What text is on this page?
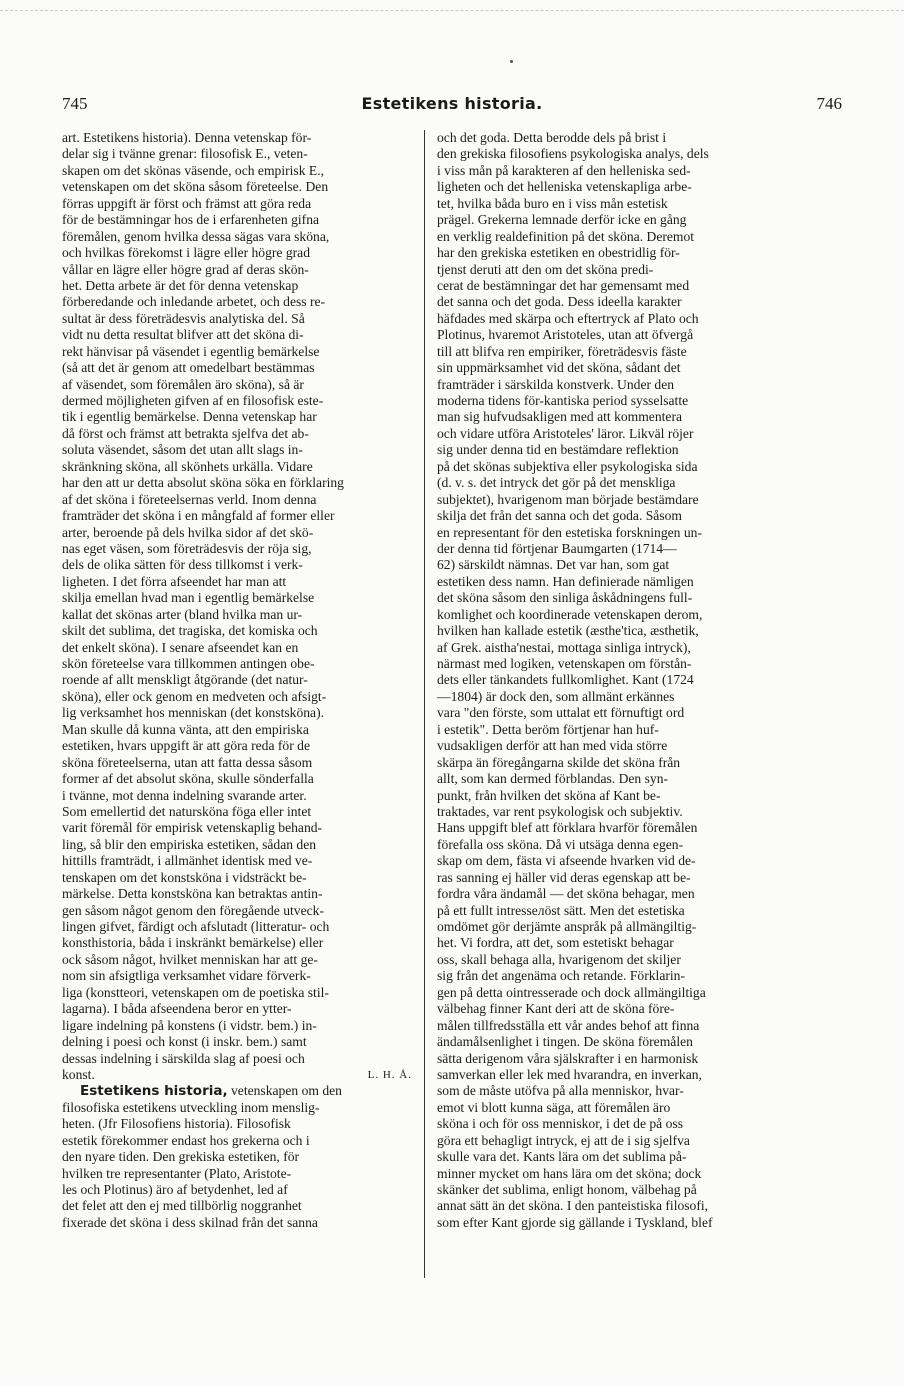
745	Estetikens historia.	746
art. Estetikens historia). Denna vetenskap för-
delar sig i tvänne grenar: filosofisk E., veten-
skapen om det skönas väsende, och empirisk E.,
vetenskapen om det sköna såsom företeelse. Den
förras uppgift är först och främst att göra reda
för de bestämningar hos de i erfarenheten gifna
föremålen, genom hvilka dessa sägas vara sköna,
och hvilkas förekomst i lägre eller högre grad
vållar en lägre eller högre grad af deras skön-
het. Detta arbete är det för denna vetenskap
förberedande och inledande arbetet, och dess re-
sultat är dess företrädesvis analytiska del. Så
vidt nu detta resultat blifver att det sköna di-
rekt hänvisar på väsendet i egentlig bemärkelse
(så att det är genom att omedelbart bestämmas
af väsendet, som föremålen äro sköna), så är
dermed möjligheten gifven af en filosofisk este-
tik i egentlig bemärkelse. Denna vetenskap har
då först och främst att betrakta sjelfva det ab-
soluta väsendet, såsom det utan allt slags in-
skränkning sköna, all skönhets urkälla. Vidare
har den att ur detta absolut sköna söka en förklaring
af det sköna i företeelsernas verld. Inom denna
framträder det sköna i en mångfald af former eller
arter, beroende på dels hvilka sidor af det skö-
nas eget väsen, som företrädesvis der röja sig,
dels de olika sätten för dess tillkomst i verk-
ligheten. I det förra afseendet har man att
skilja emellan hvad man i egentlig bemärkelse
kallat det skönas arter (bland hvilka man ur-
skilt det sublima, det tragiska, det komiska och
det enkelt sköna). I senare afseendet kan en
skön företeelse vara tillkommen antingen obe-
roende af allt menskligt åtgörande (det natur-
sköna), eller ock genom en medveten och afsigt-
lig verksamhet hos menniskan (det konstsköna).
Man skulle då kunna vänta, att den empiriska
estetiken, hvars uppgift är att göra reda för de
sköna företeelserna, utan att fatta dessa såsom
former af det absolut sköna, skulle sönderfalla
i tvänne, mot denna indelning svarande arter.
Som emellertid det natursköna föga eller intet
varit föremål för empirisk vetenskaplig behand-
ling, så blir den empiriska estetiken, sådan den
hittills framträdt, i allmänhet identisk med ve-
tenskapen om det konstsköna i vidsträckt be-
märkelse. Detta konstsköna kan betraktas antin-
gen såsom något genom den föregående utveck-
lingen gifvet, färdigt och afslutadt (litteratur- och
konsthistoria, båda i inskränkt bemärkelse) eller
ock såsom något, hvilket menniskan har att ge-
nom sin afsigtliga verksamhet vidare förverk-
liga (konstteori, vetenskapen om de poetiska stil-
lagarna). I båda afseendena beror en ytter-
ligare indelning på konstens (i vidstr. bem.) in-
delning i poesi och konst (i inskr. bem.) samt
dessas indelning i särskilda slag af poesi och
konst.	L. H. Å.
Estetikens historia, vetenskapen om den
filosofiska estetikens utveckling inom menslig-
heten. (Jfr Filosofiens historia). Filosofisk
estetik förekommer endast hos grekerna och i
den nyare tiden. Den grekiska estetiken, för
hvilken tre representanter (Plato, Aristote-
les och Plotinus) äro af betydenhet, led af
det felet att den ej med tillbörlig noggranhet
fixerade det sköna i dess skilnad från det sanna
och det goda. Detta berodde dels på brist i
den grekiska filosofiens psykologiska analys, dels
i viss mån på karakteren af den helleniska sed-
ligheten och det helleniska vetenskapliga arbe-
tet, hvilka båda buro en i viss mån estetisk
prägel. Grekerna lemnade derför icke en gång
en verklig realdefinition på det sköna. Deremot
har den grekiska estetiken en obestridlig för-
tjenst deruti att den om det sköna predi-
cerat de bestämningar det har gemensamt med
det sanna och det goda. Dess ideella karakter
häfdades med skärpa och eftertryck af Plato och
Plotinus, hvaremot Aristoteles, utan att öfvergå
till att blifva ren empiriker, företrädesvis fäste
sin uppmärksamhet vid det sköna, sådant det
framträder i särskilda konstverk. Under den
moderna tidens för-kantiska period sysselsatte
man sig hufvudsakligen med att kommentera
och vidare utföra Aristoteles' läror. Likväl röjer
sig under denna tid en bestämdare reflektion
på det skönas subjektiva eller psykologiska sida
(d. v. s. det intryck det gör på det menskliga
subjektet), hvarigenom man började bestämdare
skilja det från det sanna och det goda. Såsom
en representant för den estetiska forskningen un-
der denna tid förtjenar Baumgarten (1714—
62) särskildt nämnas. Det var han, som gat
estetiken dess namn. Han definierade nämligen
det sköna såsom den sinliga åskådningens full-
komlighet och koordinerade vetenskapen derom,
hvilken han kallade estetik (æsthe'tica, æsthetik,
af Grek. aistha'nestai, mottaga sinliga intryck),
närmast med logiken, vetenskapen om förstån-
dets eller tänkandets fullkomlighet. Kant (1724
—1804) är dock den, som allmänt erkännes
vara "den förste, som uttalat ett förnuftigt ord
i estetik". Detta beröm förtjenar han huf-
vudsakligen derför att han med vida större
skärpa än föregångarna skilde det sköna från
allt, som kan dermed förblandas. Den syn-
punkt, från hvilken det sköna af Kant be-
traktades, var rent psykologisk och subjektiv.
Hans uppgift blef att förklara hvarför föremålen
förefalla oss sköna. Då vi utsäga denna egen-
skap om dem, fästa vi afseende hvarken vid de-
ras sanning ej häller vid deras egenskap att be-
fordra våra ändamål — det sköna behagar, men
på ett fullt intresseлöst sätt. Men det estetiska
omdömet gör derjämte anspråk på allmängiltig-
het. Vi fordra, att det, som estetiskt behagar
oss, skall behaga alla, hvarigenom det skiljer
sig från det angenäma och retande. Förklarin-
gen på detta ointresserade och dock allmängiltiga
välbehag finner Kant deri att de sköna före-
målen tillfredsställa ett vår andes behof att finna
ändamålsenlighet i tingen. De sköna föremålen
sätta derigenom våra själskrafter i en harmonisk
samverkan eller lek med hvarandra, en inverkan,
som de måste utöfva på alla menniskor, hvar-
emot vi blott kunna säga, att föremålen äro
sköna i och för oss menniskor, i det de på oss
göra ett behagligt intryck, ej att de i sig sjelfva
skulle vara det. Kants lära om det sublima på-
minner mycket om hans lära om det sköna; dock
skänker det sublima, enligt honom, välbehag på
annat sätt än det sköna. I den panteistiska filosofi,
som efter Kant gjorde sig gällande i Tyskland, blef
